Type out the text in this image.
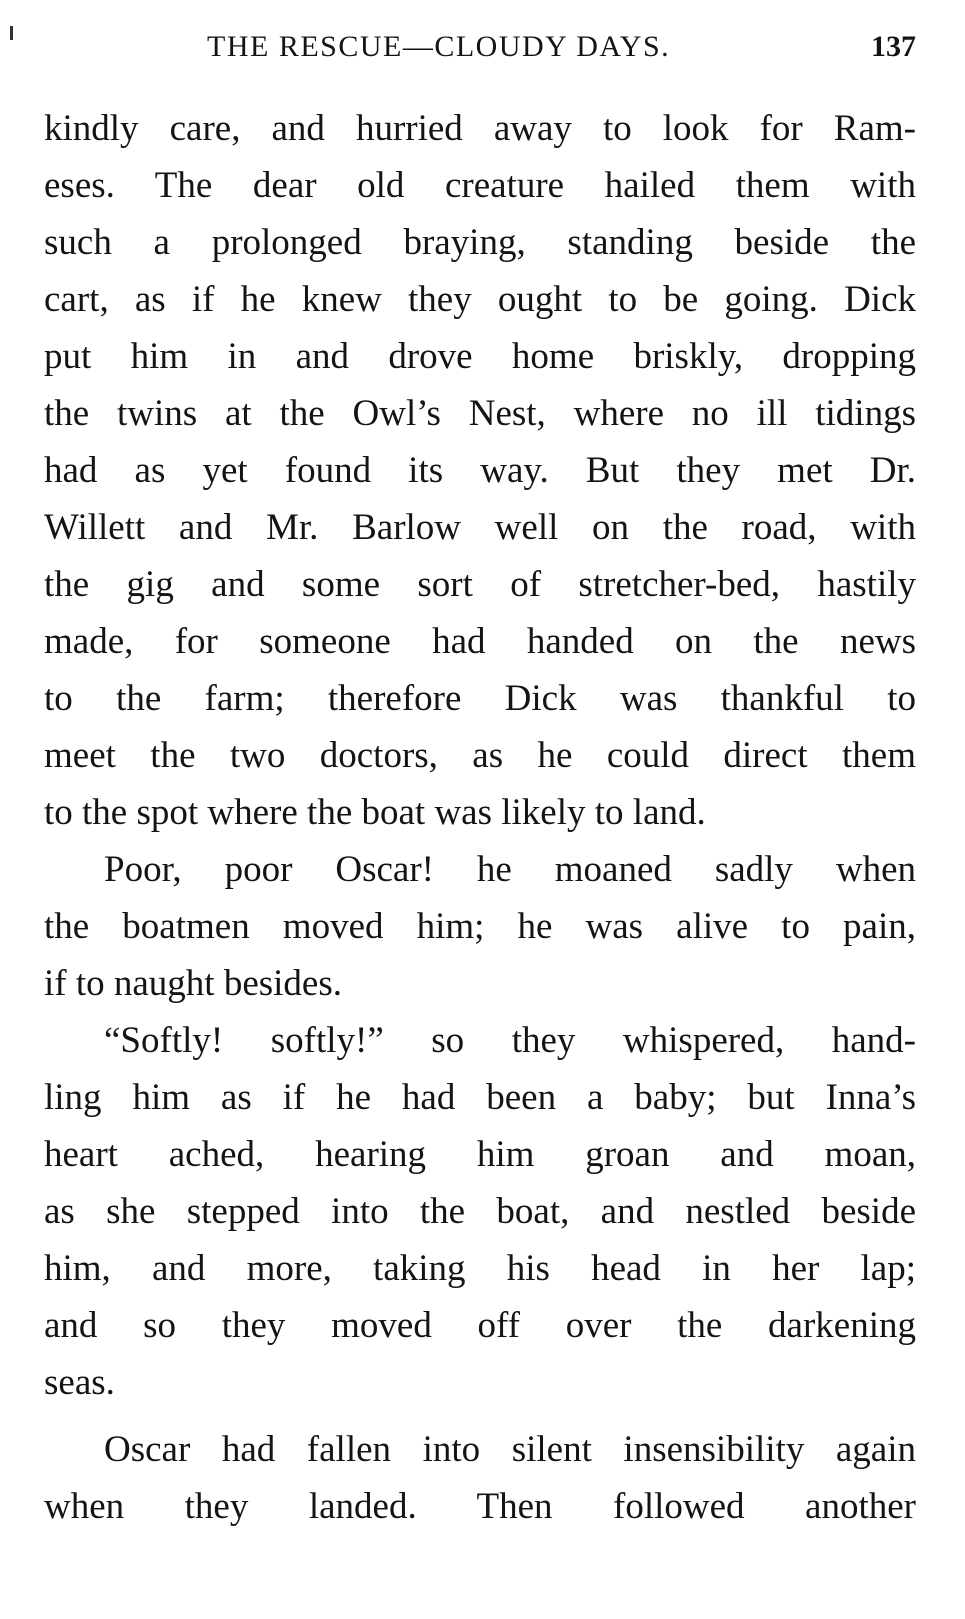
THE RESCUE—CLOUDY DAYS.	137
kindly care, and hurried away to look for Ram-
eses. The dear old creature hailed them with
such a prolonged braying, standing beside the
cart, as if he knew they ought to be going. Dick
put him in and drove home briskly, dropping
the twins at the Owl’s Nest, where no ill tidings
had as yet found its way. But they met Dr.
Willett and Mr. Barlow well on the road, with
the gig and some sort of stretcher-bed, hastily
made, for someone had handed on the news
to the farm; therefore Dick was thankful to
meet the two doctors, as he could direct them
to the spot where the boat was likely to land.
Poor, poor Oscar! he moaned sadly when
the boatmen moved him; he was alive to pain,
if to naught besides.
“Softly! softly!” so they whispered, hand-
ling him as if he had been a baby; but Inna’s
heart ached, hearing him groan and moan,
as she stepped into the boat, and nestled beside
him, and more, taking his head in her lap;
and so they moved off over the darkening
seas.
Oscar had fallen into silent insensibility again
when they landed. Then followed another
